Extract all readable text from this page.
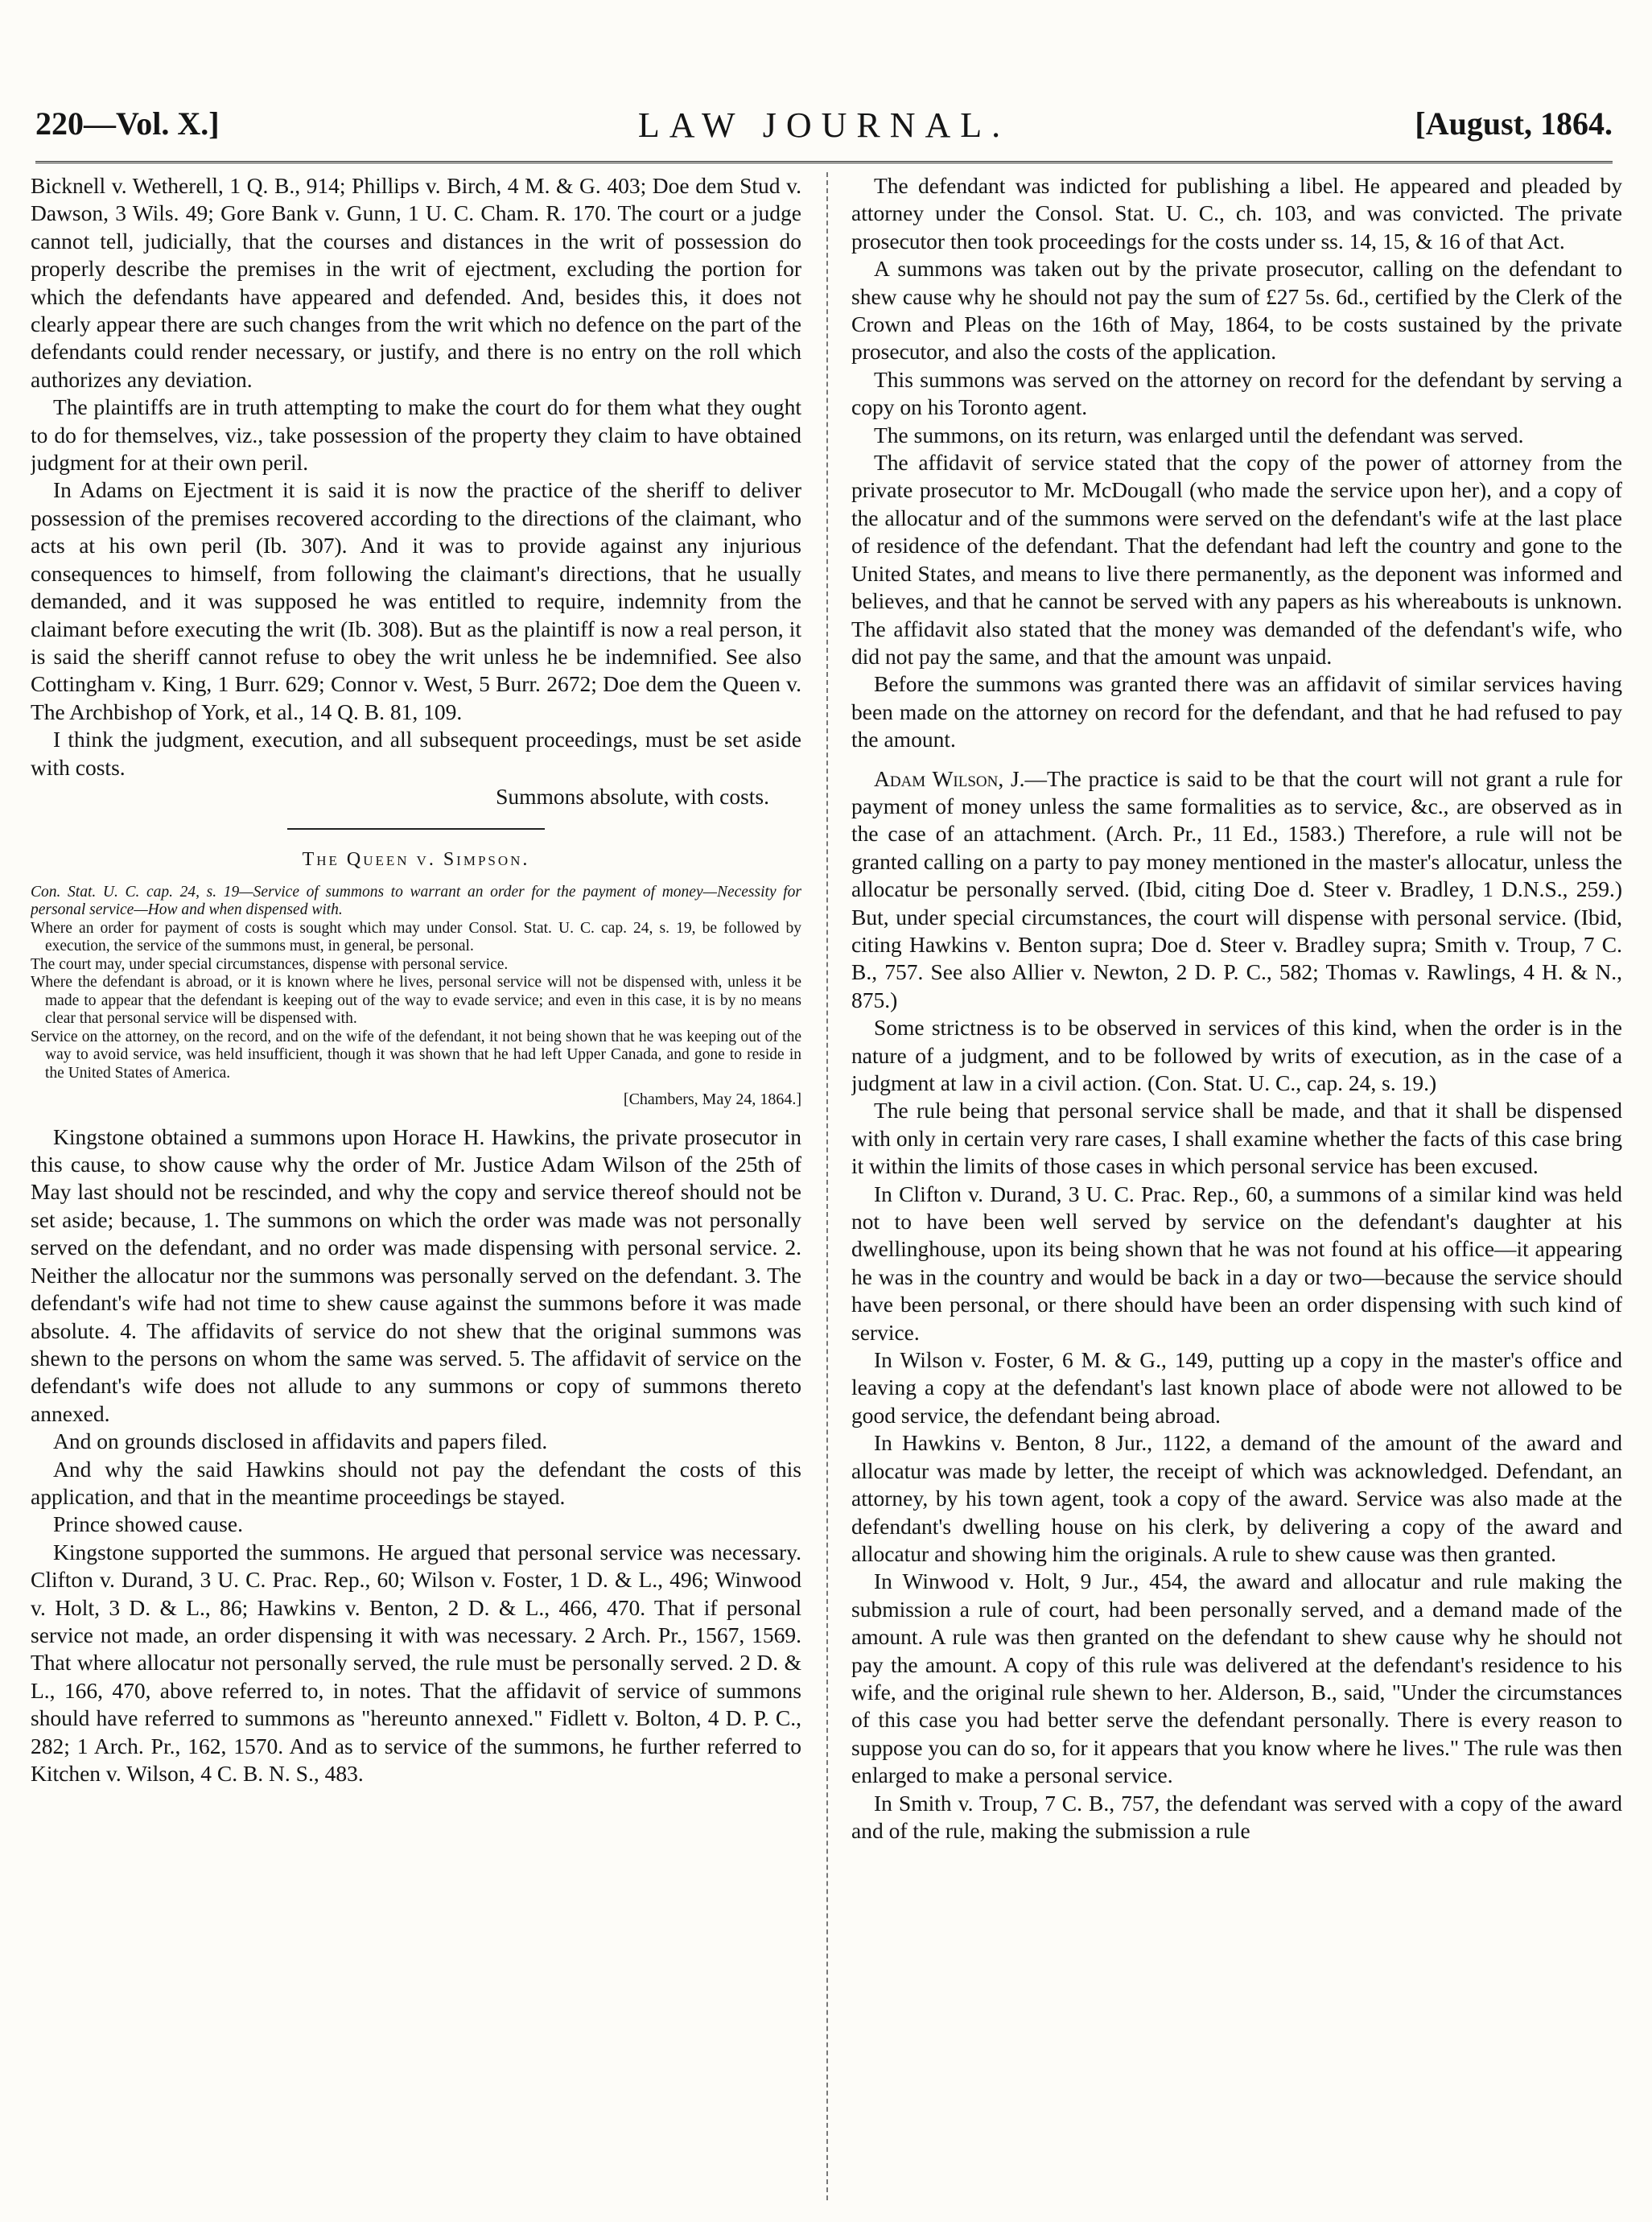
220—Vol. X.]	LAW JOURNAL.	[August, 1864.

Bicknell v. Wetherell, 1 Q. B., 914; Phillips v. Birch, 4 M. & G. 403; Doe dem Stud v. Dawson, 3 Wils. 49; Gore Bank v. Gunn, 1 U. C. Cham. R. 170. The court or a judge cannot tell, judicially, that the courses and distances in the writ of possession do properly describe the premises in the writ of ejectment, excluding the portion for which the defendants have appeared and defended. And, besides this, it does not clearly appear there are such changes from the writ which no defence on the part of the defendants could render necessary, or justify, and there is no entry on the roll which authorizes any deviation.

The plaintiffs are in truth attempting to make the court do for them what they ought to do for themselves, viz., take possession of the property they claim to have obtained judgment for at their own peril.

In Adams on Ejectment it is said it is now the practice of the sheriff to deliver possession of the premises recovered according to the directions of the claimant, who acts at his own peril (Ib. 307). And it was to provide against any injurious consequences to himself, from following the claimant's directions, that he usually demanded, and it was supposed he was entitled to require, indemnity from the claimant before executing the writ (Ib. 308). But as the plaintiff is now a real person, it is said the sheriff cannot refuse to obey the writ unless he be indemnified. See also Cottingham v. King, 1 Burr. 629; Connor v. West, 5 Burr. 2672; Doe dem the Queen v. The Archbishop of York, et al., 14 Q. B. 81, 109.

I think the judgment, execution, and all subsequent proceedings, must be set aside with costs.

Summons absolute, with costs.
The Queen v. Simpson.

Con. Stat. U. C. cap. 24, s. 19—Service of summons to warrant an order for the payment of money—Necessity for personal service—How and when dispensed with.

Where an order for payment of costs is sought which may under Consol. Stat. U. C. cap. 24, s. 19, be followed by execution, the service of the summons must, in general, be personal.

The court may, under special circumstances, dispense with personal service.

Where the defendant is abroad, or it is known where he lives, personal service will not be dispensed with, unless it be made to appear that the defendant is keeping out of the way to evade service; and even in this case, it is by no means clear that personal service will be dispensed with.

Service on the attorney, on the record, and on the wife of the defendant, it not being shown that he was keeping out of the way to avoid service, was held insufficient, though it was shown that he had left Upper Canada, and gone to reside in the United States of America.

[Chambers, May 24, 1864.]

Kingstone obtained a summons upon Horace H. Hawkins, the private prosecutor in this cause, to show cause why the order of Mr. Justice Adam Wilson of the 25th of May last should not be rescinded, and why the copy and service thereof should not be set aside; because, 1. The summons on which the order was made was not personally served on the defendant, and no order was made dispensing with personal service. 2. Neither the allocatur nor the summons was personally served on the defendant. 3. The defendant's wife had not time to shew cause against the summons before it was made absolute. 4. The affidavits of service do not shew that the original summons was shewn to the persons on whom the same was served. 5. The affidavit of service on the defendant's wife does not allude to any summons or copy of summons thereto annexed.

And on grounds disclosed in affidavits and papers filed.

And why the said Hawkins should not pay the defendant the costs of this application, and that in the meantime proceedings be stayed.

Prince showed cause.

Kingstone supported the summons. He argued that personal service was necessary. Clifton v. Durand, 3 U. C. Prac. Rep., 60; Wilson v. Foster, 1 D. & L., 496; Winwood v. Holt, 3 D. & L., 86; Hawkins v. Benton, 2 D. & L., 466, 470. That if personal service not made, an order dispensing it with was necessary. 2 Arch. Pr., 1567, 1569. That where allocatur not personally served, the rule must be personally served. 2 D. & L., 166, 470, above referred to, in notes. That the affidavit of service of summons should have referred to summons as "hereunto annexed." Fidlett v. Bolton, 4 D. P. C., 282; 1 Arch. Pr., 162, 1570. And as to service of the summons, he further referred to Kitchen v. Wilson, 4 C. B. N. S., 483.

The defendant was indicted for publishing a libel. He appeared and pleaded by attorney under the Consol. Stat. U. C., ch. 103, and was convicted. The private prosecutor then took proceedings for the costs under ss. 14, 15, & 16 of that Act.

A summons was taken out by the private prosecutor, calling on the defendant to shew cause why he should not pay the sum of £27 5s. 6d., certified by the Clerk of the Crown and Pleas on the 16th of May, 1864, to be costs sustained by the private prosecutor, and also the costs of the application.

This summons was served on the attorney on record for the defendant by serving a copy on his Toronto agent.

The summons, on its return, was enlarged until the defendant was served.

The affidavit of service stated that the copy of the power of attorney from the private prosecutor to Mr. McDougall (who made the service upon her), and a copy of the allocatur and of the summons were served on the defendant's wife at the last place of residence of the defendant. That the defendant had left the country and gone to the United States, and means to live there permanently, as the deponent was informed and believes, and that he cannot be served with any papers as his whereabouts is unknown. The affidavit also stated that the money was demanded of the defendant's wife, who did not pay the same, and that the amount was unpaid.

Before the summons was granted there was an affidavit of similar services having been made on the attorney on record for the defendant, and that he had refused to pay the amount.

Adam Wilson, J.—The practice is said to be that the court will not grant a rule for payment of money unless the same formalities as to service, &c., are observed as in the case of an attachment. (Arch. Pr., 11 Ed., 1583.) Therefore, a rule will not be granted calling on a party to pay money mentioned in the master's allocatur, unless the allocatur be personally served. (Ibid, citing Doe d. Steer v. Bradley, 1 D.N.S., 259.) But, under special circumstances, the court will dispense with personal service. (Ibid, citing Hawkins v. Benton supra; Doe d. Steer v. Bradley supra; Smith v. Troup, 7 C. B., 757. See also Allier v. Newton, 2 D. P. C., 582; Thomas v. Rawlings, 4 H. & N., 875.)

Some strictness is to be observed in services of this kind, when the order is in the nature of a judgment, and to be followed by writs of execution, as in the case of a judgment at law in a civil action. (Con. Stat. U. C., cap. 24, s. 19.)

The rule being that personal service shall be made, and that it shall be dispensed with only in certain very rare cases, I shall examine whether the facts of this case bring it within the limits of those cases in which personal service has been excused.

In Clifton v. Durand, 3 U. C. Prac. Rep., 60, a summons of a similar kind was held not to have been well served by service on the defendant's daughter at his dwellinghouse, upon its being shown that he was not found at his office—it appearing he was in the country and would be back in a day or two—because the service should have been personal, or there should have been an order dispensing with such kind of service.

In Wilson v. Foster, 6 M. & G., 149, putting up a copy in the master's office and leaving a copy at the defendant's last known place of abode were not allowed to be good service, the defendant being abroad.

In Hawkins v. Benton, 8 Jur., 1122, a demand of the amount of the award and allocatur was made by letter, the receipt of which was acknowledged. Defendant, an attorney, by his town agent, took a copy of the award. Service was also made at the defendant's dwelling house on his clerk, by delivering a copy of the award and allocatur and showing him the originals. A rule to shew cause was then granted.

In Winwood v. Holt, 9 Jur., 454, the award and allocatur and rule making the submission a rule of court, had been personally served, and a demand made of the amount. A rule was then granted on the defendant to shew cause why he should not pay the amount. A copy of this rule was delivered at the defendant's residence to his wife, and the original rule shewn to her. Alderson, B., said, "Under the circumstances of this case you had better serve the defendant personally. There is every reason to suppose you can do so, for it appears that you know where he lives." The rule was then enlarged to make a personal service.

In Smith v. Troup, 7 C. B., 757, the defendant was served with a copy of the award and of the rule, making the submission a rule
